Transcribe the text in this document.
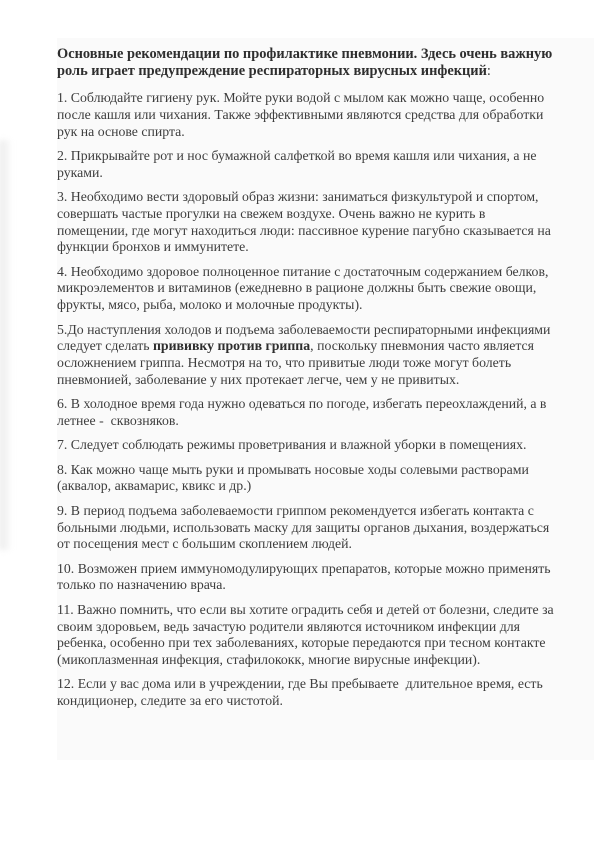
Основные рекомендации по профилактике пневмонии. Здесь очень важную роль играет предупреждение респираторных вирусных инфекций:

1. Соблюдайте гигиену рук. Мойте руки водой с мылом как можно чаще, особенно после кашля или чихания. Также эффективными являются средства для обработки рук на основе спирта.

2. Прикрывайте рот и нос бумажной салфеткой во время кашля или чихания, а не руками.

3. Необходимо вести здоровый образ жизни: заниматься физкультурой и спортом, совершать частые прогулки на свежем воздухе. Очень важно не курить в помещении, где могут находиться люди: пассивное курение пагубно сказывается на функции бронхов и иммунитете.

4. Необходимо здоровое полноценное питание с достаточным содержанием белков, микроэлементов и витаминов (ежедневно в рационе должны быть свежие овощи, фрукты, мясо, рыба, молоко и молочные продукты).

5.До наступления холодов и подъема заболеваемости респираторными инфекциями следует сделать прививку против гриппа, поскольку пневмония часто является осложнением гриппа. Несмотря на то, что привитые люди тоже могут болеть пневмонией, заболевание у них протекает легче, чем у не привитых.

6. В холодное время года нужно одеваться по погоде, избегать переохлаждений, а в летнее -  сквозняков.

7. Следует соблюдать режимы проветривания и влажной уборки в помещениях.

8. Как можно чаще мыть руки и промывать носовые ходы солевыми растворами (аквалор, аквамарис, квикс и др.)

9. В период подъема заболеваемости гриппом рекомендуется избегать контакта с больными людьми, использовать маску для защиты органов дыхания, воздержаться от посещения мест с большим скоплением людей.

10. Возможен прием иммуномодулирующих препаратов, которые можно применять только по назначению врача.

11. Важно помнить, что если вы хотите оградить себя и детей от болезни, следите за своим здоровьем, ведь зачастую родители являются источником инфекции для ребенка, особенно при тех заболеваниях, которые передаются при тесном контакте (микоплазменная инфекция, стафилококк, многие вирусные инфекции).

12. Если у вас дома или в учреждении, где Вы пребываете  длительное время, есть кондиционер, следите за его чистотой.
